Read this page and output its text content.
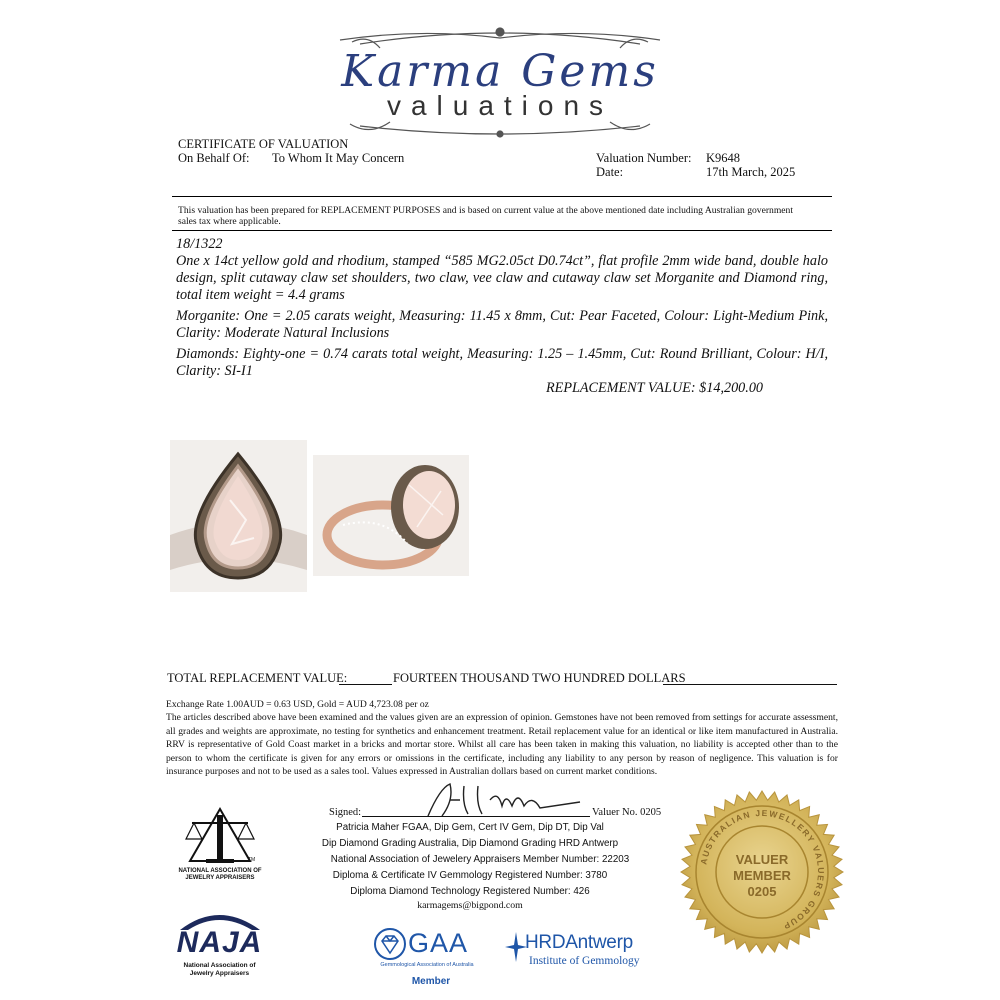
Karma Gems
valuations
CERTIFICATE OF VALUATION
On Behalf Of: To Whom It May Concern	Valuation Number: K9648
Date:	17th March, 2025
This valuation has been prepared for REPLACEMENT PURPOSES and is based on current value at the above mentioned date including Australian government
sales tax where applicable.
18/1322
One x 14ct yellow gold and rhodium, stamped “585 MG2.05ct D0.74ct”, flat profile 2mm wide band, double halo design, split cutaway claw set shoulders, two claw, vee claw and cutaway claw set Morganite and Diamond ring, total item weight = 4.4 grams
Morganite: One = 2.05 carats weight, Measuring: 11.45 x 8mm, Cut: Pear Faceted, Colour: Light-Medium Pink, Clarity: Moderate Natural Inclusions
Diamonds: Eighty-one = 0.74 carats total weight, Measuring: 1.25 – 1.45mm, Cut: Round Brilliant, Colour: H/I, Clarity: SI-I1
REPLACEMENT VALUE: $14,200.00
TOTAL REPLACEMENT VALUE:	FOURTEEN THOUSAND TWO HUNDRED DOLLARS
Exchange Rate 1.00AUD = 0.63 USD, Gold = AUD 4,723.08 per oz
The articles described above have been examined and the values given are an expression of opinion. Gemstones have not been removed from settings for accurate assessment, all grades and weights are approximate, no testing for synthetics and enhancement treatment. Retail replacement value for an identical or like item manufactured in Australia. RRV is representative of Gold Coast market in a bricks and mortar store. Whilst all care has been taken in making this valuation, no liability is accepted other than to the person to whom the certificate is given for any errors or omissions in the certificate, including any liability to any person by reason of negligence. This valuation is for insurance purposes and not to be used as a sales tool. Values expressed in Australian dollars based on current market conditions.
Signed:	Valuer No. 0205
Patricia Maher FGAA, Dip Gem, Cert IV Gem, Dip DT, Dip Val
Dip Diamond Grading Australia, Dip Diamond Grading HRD Antwerp
National Association of Jewelery Appraisers Member Number: 22203
Diploma & Certificate IV Gemmology Registered Number: 3780
Diploma Diamond Technology Registered Number: 426
karmagems@bigpond.com
TM
NATIONAL ASSOCIATION OF
JEWELRY APPRAISERS
NAJA
National Association of
Jewelry Appraisers
GAA
Gemmological Association of Australia
Member
HRDAntwerp
Institute of Gemmology
AUSTRALIAN JEWELLERY VALUERS GROUP
VALUER
MEMBER
0205
